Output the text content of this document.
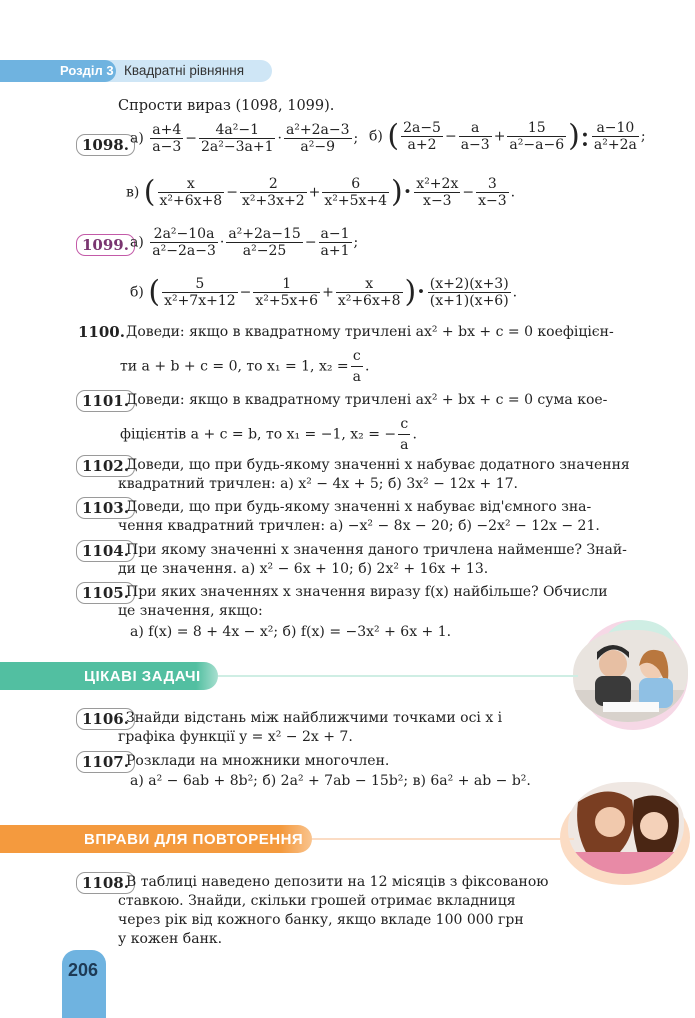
Розділ 3 Квадратні рівняння
Спрости вираз (1098, 1099).
1098. $а) \frac{a+4}{a-3} - \frac{\text{4a²−1}}{\text{2a²−3a+1}} \cdot \frac{\text{a²+2a−3}}{\text{a²−9}}$ ; б) ( $\frac{2a-5}{a+2} - \frac{a}{a-3} + \frac{15}{\text{a²−a−6}}$ ): $\frac{a-10}{\text{a²+2a}}$ ;
в) ( $\frac{x}{\text{x²+6x+8}} - \frac{2}{\text{x²+3x+2}} + \frac{6}{\text{x²+5x+4}}$ )· $\frac{\text{x²+2x}}{x-3} - \frac{3}{x-3}$ .
1099. $а) \frac{\text{2a²−10a}}{\text{a²−2a−3}} \cdot \frac{\text{a²+2a−15}}{\text{a²−25}} - \frac{a-1}{a+1}$ ;
б) ( $\frac{5}{\text{x²+7x+12}} - \frac{1}{\text{x²+5x+6}} + \frac{x}{\text{x²+6x+8}}$ )· $\frac{(x+2)(x+3)}{(x+1)(x+6)}$ .
1100. Доведи: якщо в квадратному тричлені ax² + bx + c = 0 коефіцієн-
ти a + b + c = 0, то x₁ = 1, $x_2 = \frac{c}{a}$ .
1101.
Доведи: якщо в квадратному тричлені ax² + bx + c = 0 сума кое-
фіцієнтів a + c = b, то x₁ = −1, x₂ = − $\frac{c}{a}$ .
1102.
Доведи, що при будь-якому значенні x набуває додатного значення
квадратний тричлен: а) x² − 4x + 5; б) 3x² − 12x + 17.
1103.
Доведи, що при будь-якому значенні x набуває від'ємного зна-
чення квадратний тричлен: а) −x² − 8x − 20; б) −2x² − 12x − 21.
1104.
При якому значенні x значення даного тричлена найменше? Знай-
ди це значення. а) x² − 6x + 10; б) 2x² + 16x + 13.
1105.
При яких значеннях x значення виразу f(x) найбільше? Обчисли
це значення, якщо:
а) f(x) = 8 + 4x − x²; б) f(x) = −3x² + 6x + 1.
ЦІКАВІ ЗАДАЧІ
1106.
Знайди відстань між найближчими точками осі x і
графіка функції y = x² − 2x + 7.
1107.
Розклади на множники многочлен.
а) a² − 6ab + 8b²; б) 2a² + 7ab − 15b²; в) 6a² + ab − b².
ВПРАВИ ДЛЯ ПОВТОРЕННЯ
1108.
В таблиці наведено депозити на 12 місяців з фіксованою
ставкою. Знайди, скільки грошей отримає вкладниця
через рік від кожного банку, якщо вкладе 100 000 грн
у кожен банк.
206
